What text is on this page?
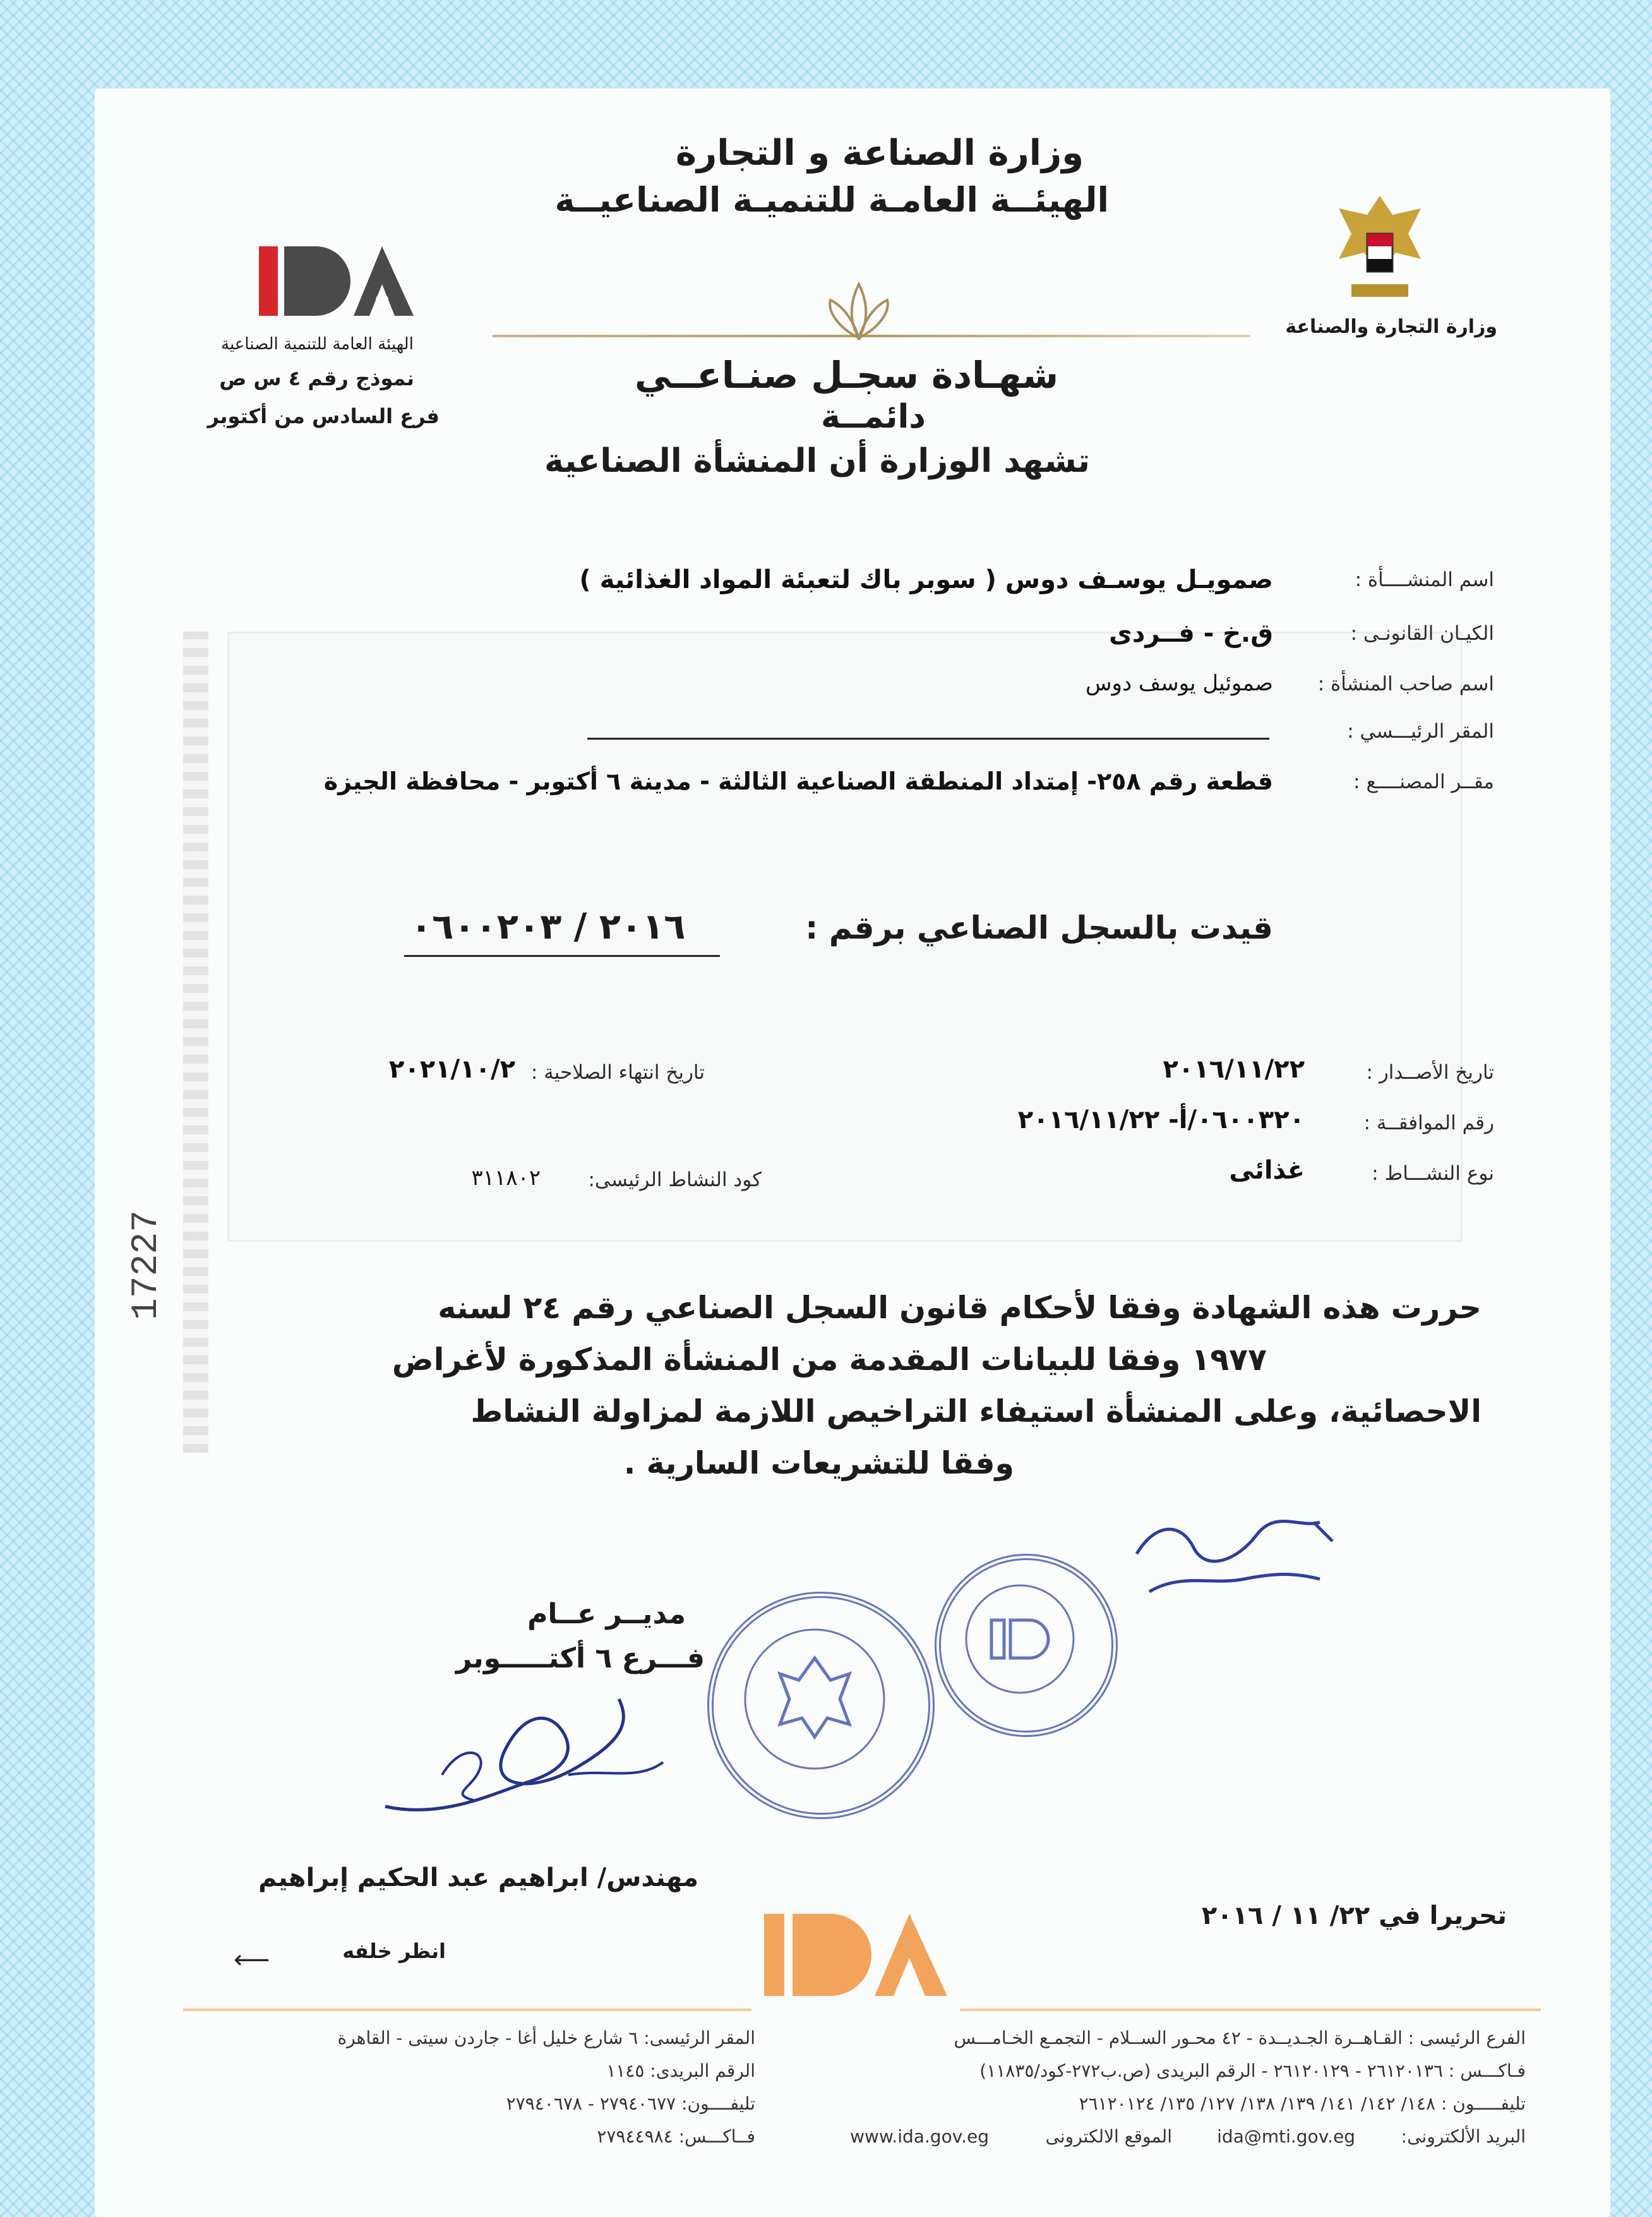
وزارة الصناعة و التجارة
الهيئــة العامـة للتنميـة الصناعيــة
وزارة التجارة والصناعة
الهيئة العامة للتنمية الصناعية
نموذج رقم ٤ س ص
فرع السادس من أكتوبر
شهـادة سجـل صنـاعــي
دائمــة
تشهد الوزارة أن المنشأة الصناعية
اسم المنشــــأة :
صمويـل يوسـف دوس ( سوبر باك لتعبئة المواد الغذائية )
الكيـان القانونـى :
ق.خ - فــردى
اسم صاحب المنشأة :
صموئيل يوسف دوس
المقر الرئيـــسي :
مقــر المصنــــع :
قطعة رقم ٢٥٨- إمتداد المنطقة الصناعية الثالثة - مدينة ٦ أكتوبر - محافظة الجيزة
قيدت بالسجل الصناعي برقم :
٢٠١٦ / ٠٦٠٠٢٠٣
تاريخ الأصــدار :
٢٠١٦/١١/٢٢
تاريخ انتهاء الصلاحية :
٢٠٢١/١٠/٢
رقم الموافقــة :
٠٦٠٠٣٢٠/أ- ٢٠١٦/١١/٢٢
نوع النشـــاط :
غذائى
كود النشاط الرئيسى:
٣١١٨٠٢
حررت هذه الشهادة وفقا لأحكام قانون السجل الصناعي رقم ٢٤ لسنه
١٩٧٧ وفقا للبيانات المقدمة من المنشأة المذكورة لأغراض
الاحصائية، وعلى المنشأة استيفاء التراخيص اللازمة لمزاولة النشاط
وفقا للتشريعات السارية .
17227
مديــر عــام
فـــرع ٦ أكتـــــوبر
مهندس/ ابراهيم عبد الحكيم إبراهيم
تحريرا في ٢٢/ ١١ / ٢٠١٦
انظر خلفه
⟵
الفرع الرئيسى : القـاهــرة الجـديــدة - ٤٢ محـور الســلام - التجمـع الخـامـــس
فـاكـــس : ٢٦١٢٠١٣٦ - ٢٦١٢٠١٢٩ - الرقم البريدى (ص.ب٢٧٢-كود/١١٨٣٥)
تليفـــــون : ١٤٨/ ١٤٢/ ١٤١/ ١٣٩/ ١٣٨/ ١٢٧/ ١٣٥/ ٢٦١٢٠١٢٤
البريد الألكترونى:
ida@mti.gov.eg
الموقع الالكترونى
www.ida.gov.eg
المقر الرئيسى: ٦ شارع خليل أغا - جاردن سيتى - القاهرة
الرقم البريدى: ١١٤٥
تليفــــون: ٢٧٩٤٠٦٧٧ - ٢٧٩٤٠٦٧٨
فــاكـــس: ٢٧٩٤٤٩٨٤
